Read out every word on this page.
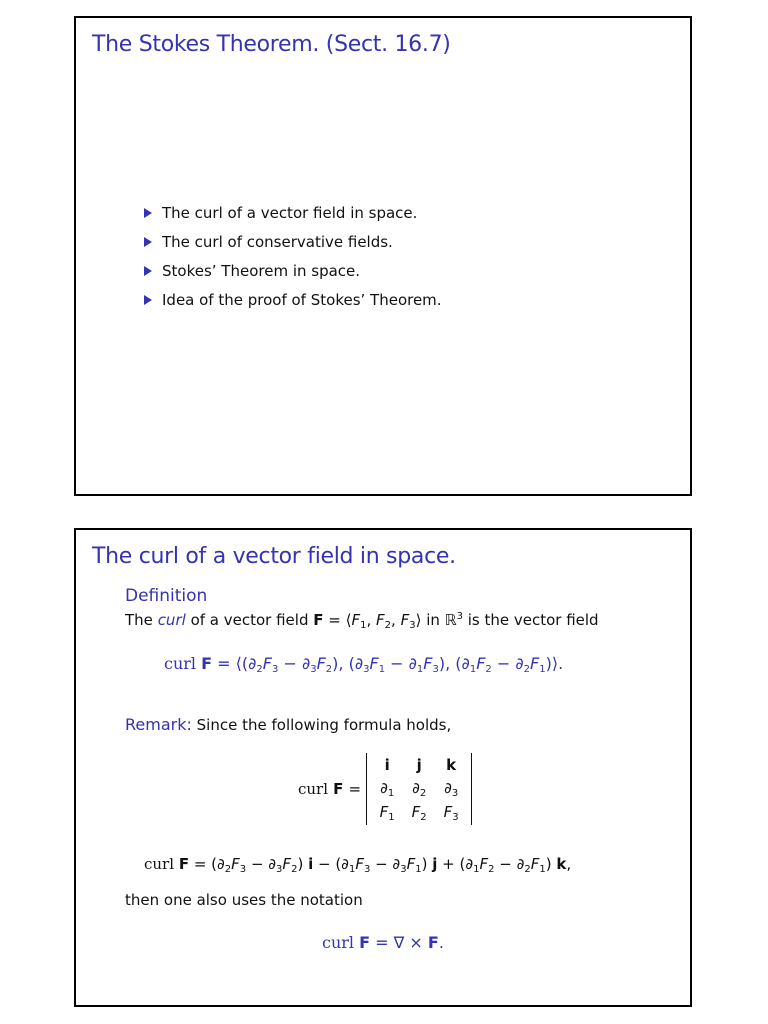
The Stokes Theorem. (Sect. 16.7)
The curl of a vector field in space.
The curl of conservative fields.
Stokes’ Theorem in space.
Idea of the proof of Stokes’ Theorem.
The curl of a vector field in space.
Definition
The curl of a vector field $F = ⟨F_1$, $F_2$, $F_3⟩$ in ℝ$^3$ is the vector field
curl $F = ⟨(\partial_2F_3 - \partial_3F_2)$, $(\partial_3F_1 - \partial_1F_3)$, ($\partial_1F_2$ − $\partial_2F_1)⟩$.
Remark: Since the following formula holds,
curl F =
i	j	k
$\partial_1$	$\partial_2$	$\partial_3$
$F_1$	$F_2$	$F_3$
curl $F = (\partial_2F_3 - \partial_3F_2) i - (\partial_1F_3 - \partial_3F_1) j + (\partial_1F_2 - \partial_2F_1)$ k,
then one also uses the notation
curl F = ∇ × F.
